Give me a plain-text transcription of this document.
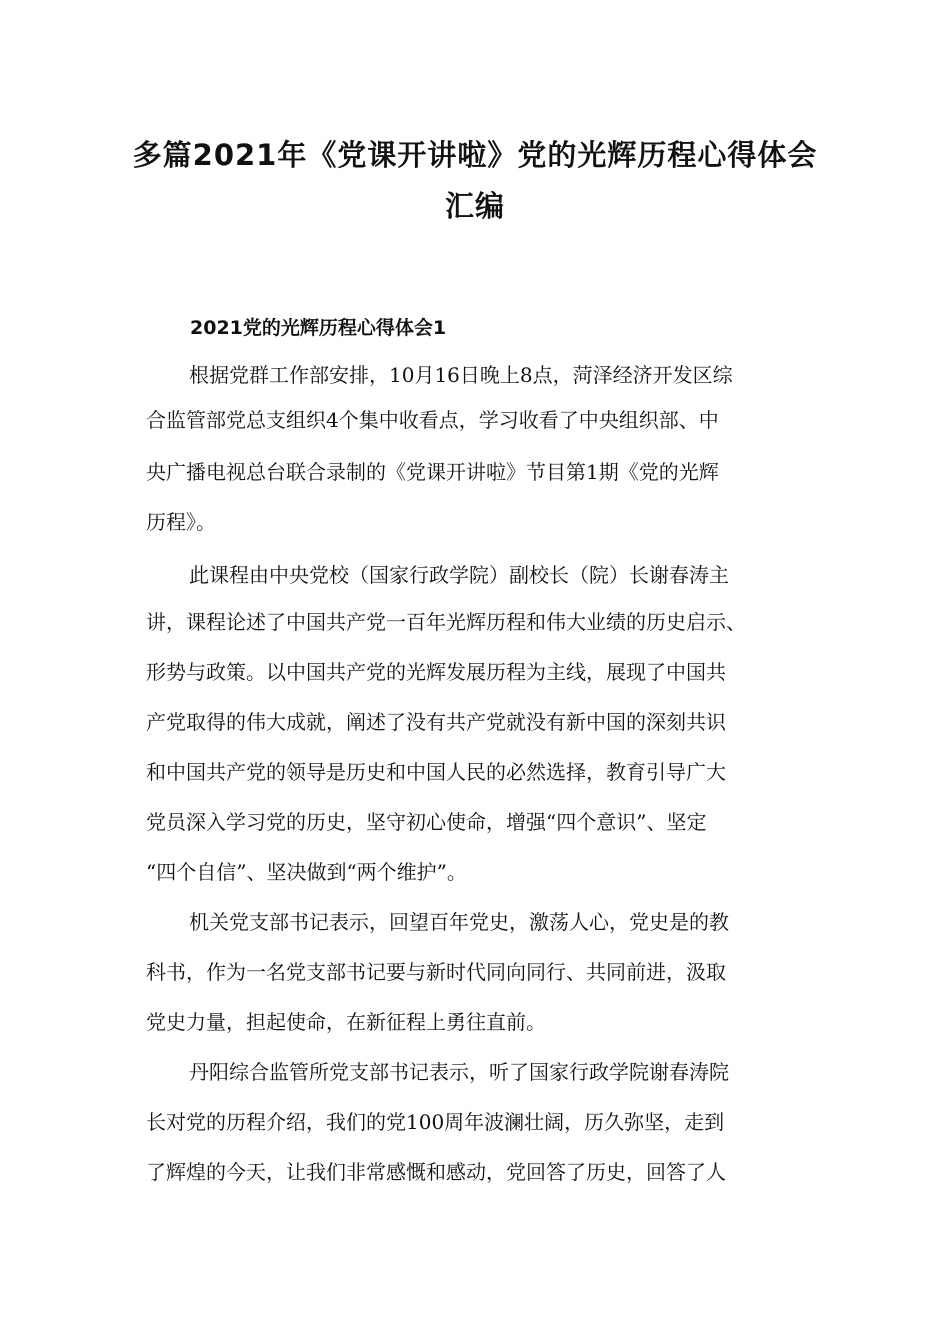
多篇2021年《党课开讲啦》党的光辉历程心得体会
汇编
2021党的光辉历程心得体会1

根据党群工作部安排，10月16日晚上8点，菏泽经济开发区综

合监管部党总支组织4个集中收看点，学习收看了中央组织部、中

央广播电视总台联合录制的《党课开讲啦》节目第1期《党的光辉

历程》。

此课程由中央党校（国家行政学院）副校长（院）长谢春涛主

讲，课程论述了中国共产党一百年光辉历程和伟大业绩的历史启示、

形势与政策。以中国共产党的光辉发展历程为主线，展现了中国共

产党取得的伟大成就，阐述了没有共产党就没有新中国的深刻共识

和中国共产党的领导是历史和中国人民的必然选择，教育引导广大

党员深入学习党的历史，坚守初心使命，增强“四个意识”、坚定

“四个自信”、坚决做到“两个维护”。

机关党支部书记表示，回望百年党史，激荡人心，党史是的教

科书，作为一名党支部书记要与新时代同向同行、共同前进，汲取

党史力量，担起使命，在新征程上勇往直前。

丹阳综合监管所党支部书记表示，听了国家行政学院谢春涛院

长对党的历程介绍，我们的党100周年波澜壮阔，历久弥坚，走到

了辉煌的今天，让我们非常感慨和感动，党回答了历史，回答了人
